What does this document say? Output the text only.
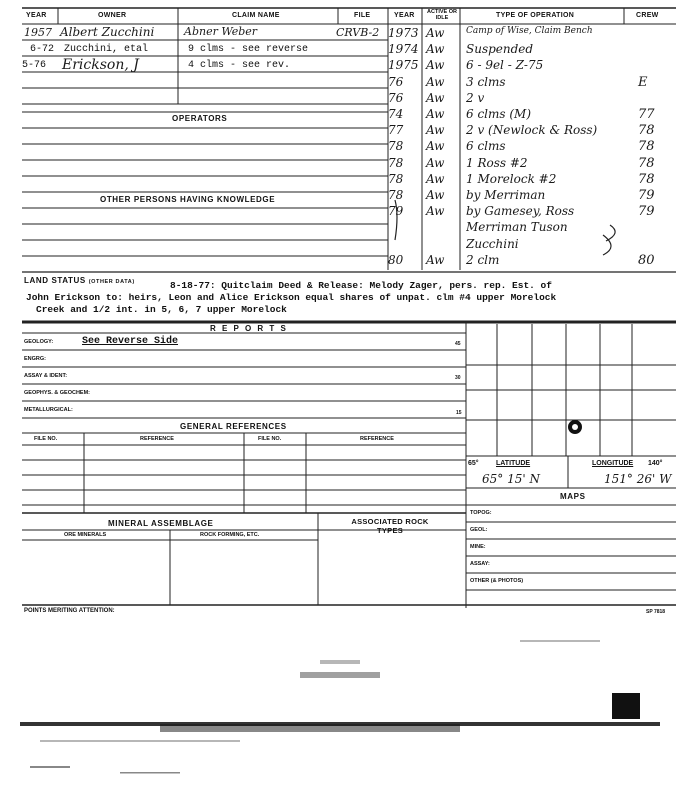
YEAR	OWNER	CLAIM NAME	FILE	YEAR	ACTIVE OR IDLE	TYPE OF OPERATION	CREW
1957 Albert Zucchini	Abner Weber	CRVB-2
6-72 Zucchini, etal	9 clms - see reverse
5-76 Erickson, J	4 clms - see rev.
OPERATORS
OTHER PERSONS HAVING KNOWLEDGE
1973 Aw Camp of Wise, Claim Bench
1974 Aw Suspended
1975 Aw 6 - 9el - Z-75
76 Aw 3 clms	E
76 Aw 2 v
74 Aw 6 clms (M)	77
77 Aw 2 v (Newlock & Ross)	78
78 Aw 6 clms	78
78 Aw 1 Ross #2	78
78 Aw 1 Morelock #2	78
78 Aw by Merriman	79
79 Aw by Gamesey, Ross	79
Merriman Tuson
Zucchini
80 Aw 2 clm	80
LAND STATUS (OTHER DATA)	8-18-77: Quitclaim Deed & Release: Melody Zager, pers. rep. Est. of
John Erickson to: heirs, Leon and Alice Erickson equal shares of unpat. clm #4 upper Morelock
Creek and 1/2 int. in 5, 6, 7 upper Morelock
R E P O R T S
GEOLOGY:	See Reverse Side	45
ENGRG:
ASSAY & IDENT:	30
GEOPHYS. & GEOCHEM:
METALLURGICAL:	15
GENERAL REFERENCES
FILE NO.	REFERENCE	FILE NO.	REFERENCE
65° LATITUDE	LONGITUDE 140°
65° 15' N	151° 26' W
MAPS
TOPOG:
GEOL:
MINE:
ASSAY:
OTHER (& PHOTOS)
MINERAL ASSEMBLAGE
ORE MINERALS	ROCK FORMING, ETC.
ASSOCIATED ROCK TYPES
POINTS MERITING ATTENTION:	SP 7818
